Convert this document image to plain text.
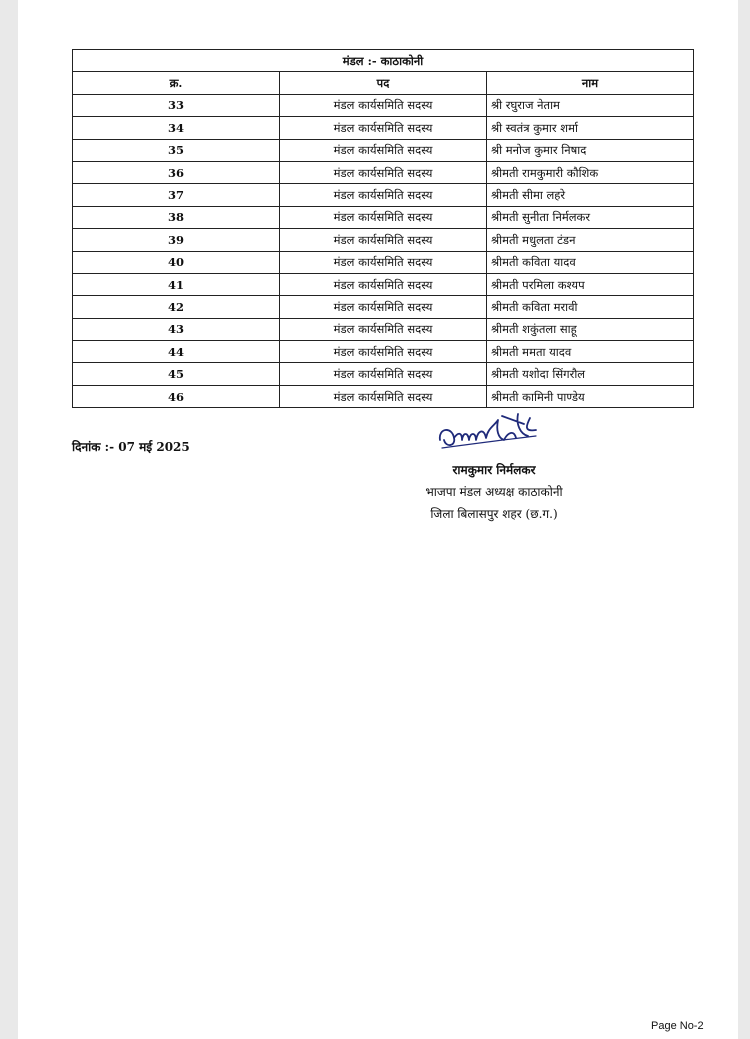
मंडल :- काठाकोनी		
क्र.	पद	नाम
33	मंडल कार्यसमिति सदस्य	श्री रघुराज नेताम
34	मंडल कार्यसमिति सदस्य	श्री स्वतंत्र कुमार शर्मा
35	मंडल कार्यसमिति सदस्य	श्री मनोज कुमार निषाद
36	मंडल कार्यसमिति सदस्य	श्रीमती रामकुमारी कौशिक
37	मंडल कार्यसमिति सदस्य	श्रीमती सीमा लहरे
38	मंडल कार्यसमिति सदस्य	श्रीमती सुनीता निर्मलकर
39	मंडल कार्यसमिति सदस्य	श्रीमती मधुलता टंडन
40	मंडल कार्यसमिति सदस्य	श्रीमती कविता यादव
41	मंडल कार्यसमिति सदस्य	श्रीमती परमिला कश्यप
42	मंडल कार्यसमिति सदस्य	श्रीमती कविता मरावी
43	मंडल कार्यसमिति सदस्य	श्रीमती शकुंतला साहू
44	मंडल कार्यसमिति सदस्य	श्रीमती ममता यादव
45	मंडल कार्यसमिति सदस्य	श्रीमती यशोदा सिंगरौल
46	मंडल कार्यसमिति सदस्य	श्रीमती कामिनी पाण्डेय
दिनांक :- 07 मई 2025
रामकुमार निर्मलकर
भाजपा मंडल अध्यक्ष काठाकोनी
जिला बिलासपुर शहर (छ.ग.)
Page No-2
